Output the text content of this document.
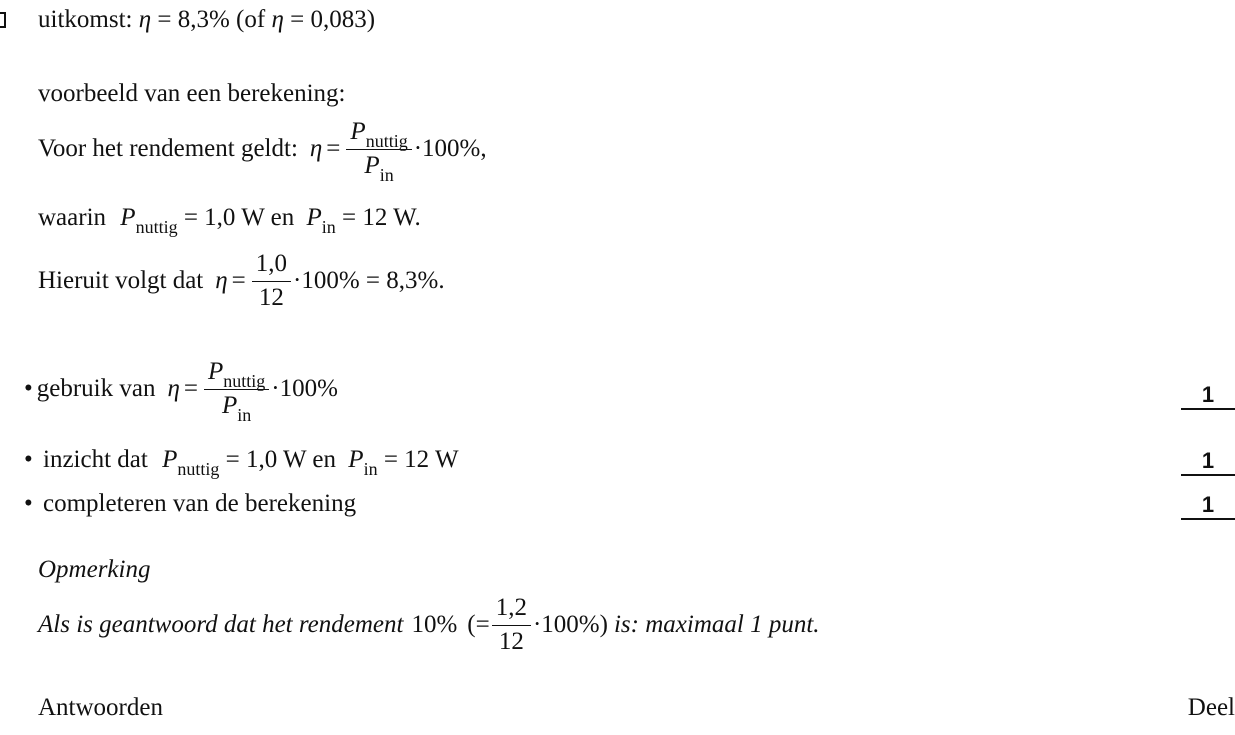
uitkomst: η = 8,3% (of η = 0,083)
voorbeeld van een berekening:
Voor het rendement geldt: $\eta = \frac{P_{nuttig}}{P_{in}} \cdot 100\%$,
waarin $P_{nuttig} = 1,0$ W en $P_{in} = 12$ W.
Hieruit volgt dat $\eta = \frac{1,0}{12} \cdot 100\% = 8,3\%$.
• gebruik van $\eta = \frac{P_{nuttig}}{P_{in}} \cdot 100\%$	1
• inzicht dat $P_{nuttig} = 1,0$ W en $P_{in} = 12$ W	1
• completeren van de berekening	1
Opmerking
Als is geantwoord dat het rendement 10% (= $\frac{1,2}{12} \cdot 100\%$) is: maximaal 1 punt.
Antwoorden	Deel
